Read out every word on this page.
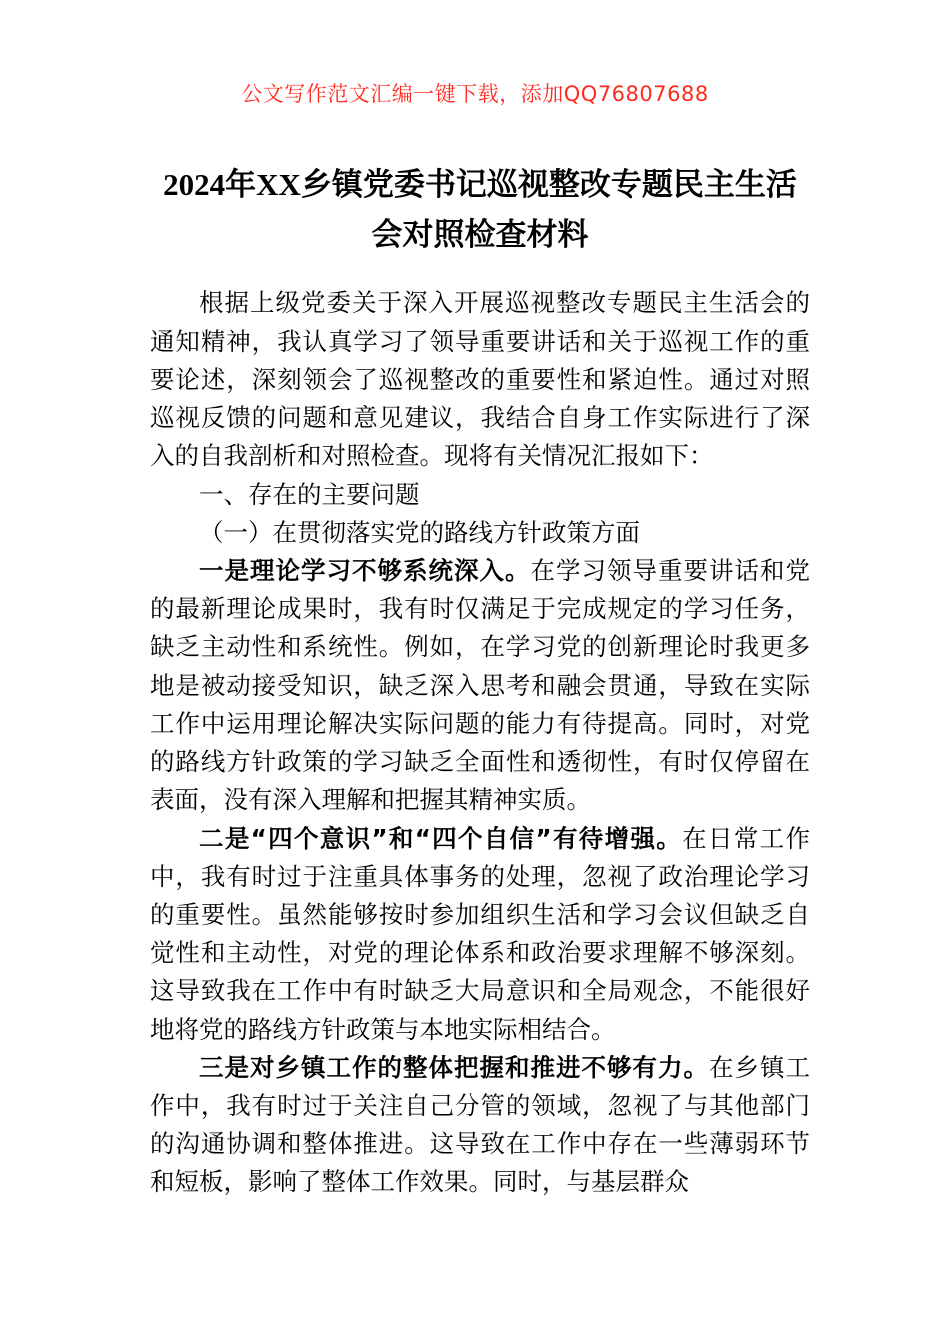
公文写作范文汇编一键下载，添加QQ76807688
2024年XX乡镇党委书记巡视整改专题民主生活会对照检查材料

根据上级党委关于深入开展巡视整改专题民主生活会的通知精神，我认真学习了领导重要讲话和关于巡视工作的重要论述，深刻领会了巡视整改的重要性和紧迫性。通过对照巡视反馈的问题和意见建议，我结合自身工作实际进行了深入的自我剖析和对照检查。现将有关情况汇报如下：

一、存在的主要问题

（一）在贯彻落实党的路线方针政策方面

一是理论学习不够系统深入。在学习领导重要讲话和党的最新理论成果时，我有时仅满足于完成规定的学习任务，缺乏主动性和系统性。例如，在学习党的创新理论时我更多地是被动接受知识，缺乏深入思考和融会贯通，导致在实际工作中运用理论解决实际问题的能力有待提高。同时，对党的路线方针政策的学习缺乏全面性和透彻性，有时仅停留在表面，没有深入理解和把握其精神实质。

二是“四个意识”和“四个自信”有待增强。在日常工作中，我有时过于注重具体事务的处理，忽视了政治理论学习的重要性。虽然能够按时参加组织生活和学习会议但缺乏自觉性和主动性，对党的理论体系和政治要求理解不够深刻。这导致我在工作中有时缺乏大局意识和全局观念，不能很好地将党的路线方针政策与本地实际相结合。

三是对乡镇工作的整体把握和推进不够有力。在乡镇工作中，我有时过于关注自己分管的领域，忽视了与其他部门的沟通协调和整体推进。这导致在工作中存在一些薄弱环节和短板，影响了整体工作效果。同时，与基层群众
